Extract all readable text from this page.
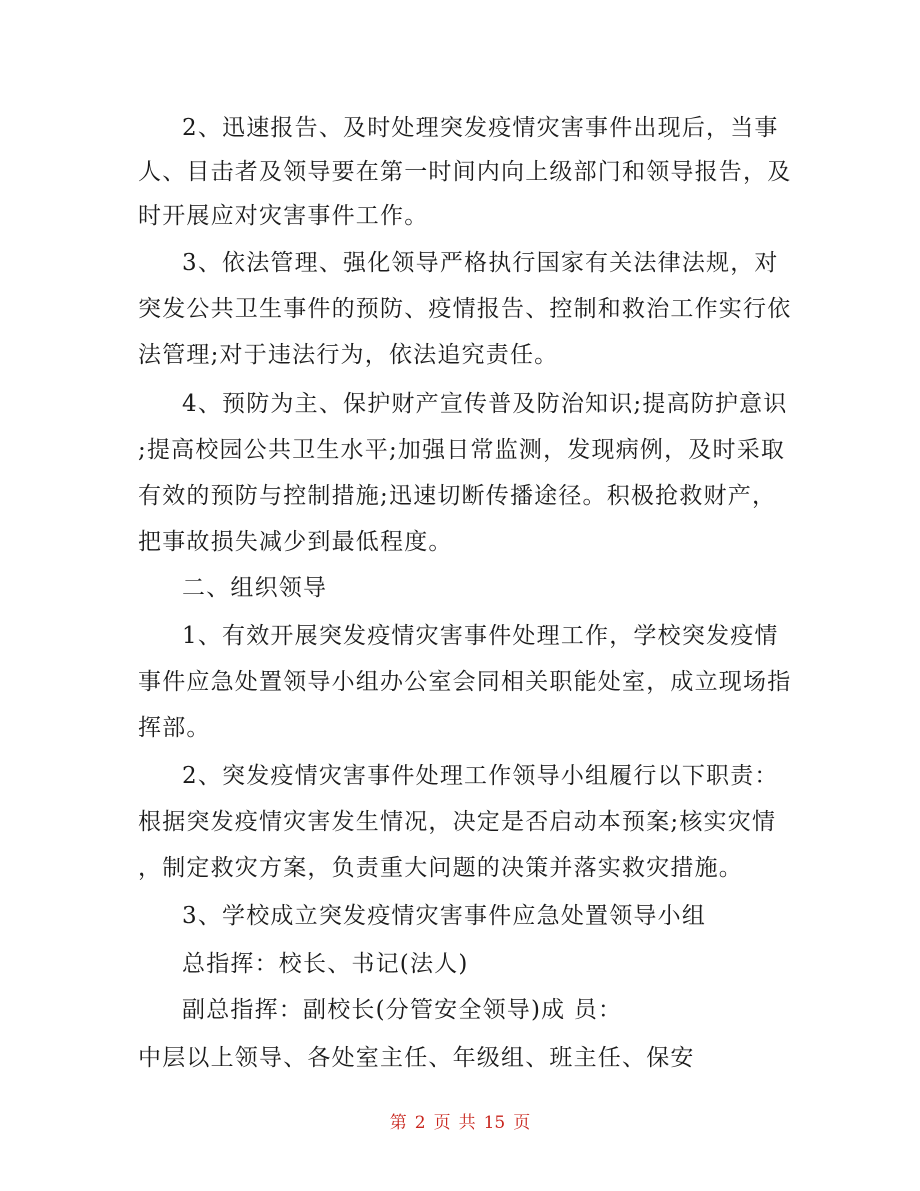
2、迅速报告、及时处理突发疫情灾害事件出现后，当事
人、目击者及领导要在第一时间内向上级部门和领导报告，及
时开展应对灾害事件工作。
3、依法管理、强化领导严格执行国家有关法律法规，对
突发公共卫生事件的预防、疫情报告、控制和救治工作实行依
法管理;对于违法行为，依法追究责任。
4、预防为主、保护财产宣传普及防治知识;提高防护意识
;提高校园公共卫生水平;加强日常监测，发现病例，及时采取
有效的预防与控制措施;迅速切断传播途径。积极抢救财产，
把事故损失减少到最低程度。
二、组织领导
1、有效开展突发疫情灾害事件处理工作，学校突发疫情
事件应急处置领导小组办公室会同相关职能处室，成立现场指
挥部。
2、突发疫情灾害事件处理工作领导小组履行以下职责：
根据突发疫情灾害发生情况，决定是否启动本预案;核实灾情
，制定救灾方案，负责重大问题的决策并落实救灾措施。
3、学校成立突发疫情灾害事件应急处置领导小组
总指挥：校长、书记(法人)
副总指挥：副校长(分管安全领导)成 员：
中层以上领导、各处室主任、年级组、班主任、保安
第 2 页 共 15 页
